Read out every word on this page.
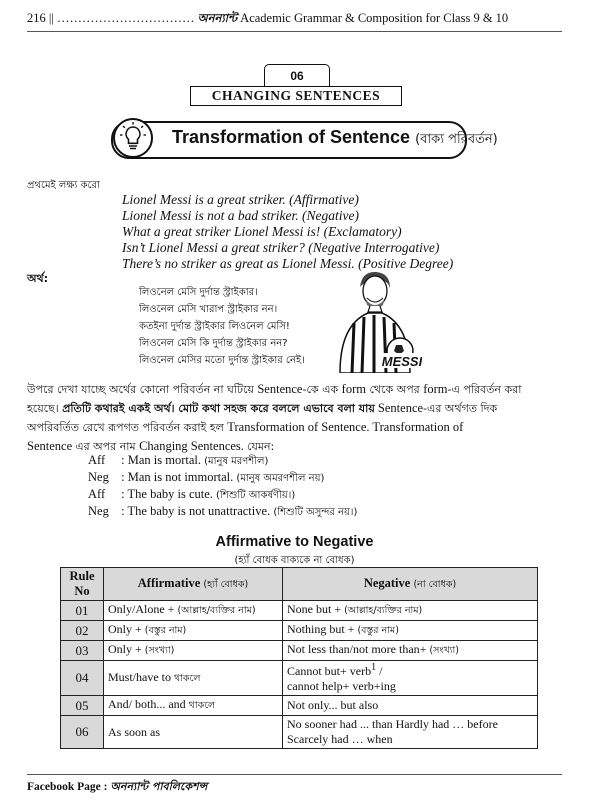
216 || …………………………… অনন্যান্ট Academic Grammar & Composition for Class 9 & 10
06
CHANGING SENTENCES
Transformation of Sentence (বাক্য পরিবর্তন)
প্রথমেই লক্ষ্য করো
Lionel Messi is a great striker. (Affirmative)
Lionel Messi is not a bad striker. (Negative)
What a great striker Lionel Messi is! (Exclamatory)
Isn’t Lionel Messi a great striker? (Negative Interrogative)
There’s no striker as great as Lionel Messi. (Positive Degree)
অর্থ:
লিওনেল মেসি দুর্দান্ত স্ট্রাইকার।
লিওনেল মেসি খারাপ স্ট্রাইকার নন।
কতইনা দুর্দান্ত স্ট্রাইকার লিওনেল মেসি!
লিওনেল মেসি কি দুর্দান্ত স্ট্রাইকার নন?
লিওনেল মেসির মতো দুর্দান্ত স্ট্রাইকার নেই।	MESSI
উপরে দেখা যাচ্ছে অর্থের কোনো পরিবর্তন না ঘটিয়ে Sentence-কে এক form থেকে অপর form-এ পরিবর্তন করা
হয়েছে। প্রতিটি কথারই একই অর্থ। মোট কথা সহজ করে বললে এভাবে বলা যায় Sentence-এর অর্থগত দিক
অপরিবর্তিত রেখে রূপগত পরিবর্তন করাই হল Transformation of Sentence. Transformation of
Sentence এর অপর নাম Changing Sentences. যেমন:
Aff : Man is mortal. (মানুষ মরণশীল)
Neg : Man is not immortal. (মানুষ অমরণশীল নয়)
Aff : The baby is cute. (শিশুটি আকর্ষণীয়।)
Neg : The baby is not unattractive. (শিশুটি অসুন্দর নয়।)
Affirmative to Negative
(হ্যাঁ বোধক বাক্যকে না বোধক)
Rule No	Affirmative (হ্যাঁ বোধক)	Negative (না বোধক)
01	Only/Alone + (আল্লাহ/ব্যক্তির নাম)	None but + (আল্লাহ/ব্যক্তির নাম)
02	Only + (বস্তুর নাম)	Nothing but + (বস্তুর নাম)
03	Only + (সংখ্যা)	Not less than/not more than+ (সংখ্যা)
04	Must/have to থাকলে	Cannot but+ verb$^1$ /
cannot help+ verb+ing

05	And/ both... and থাকলে	Not only... but also
06	As soon as	No sooner had ... than Hardly had … before
Scarcely had … when
Facebook Page : অনন্যান্ট পাবলিকেশন্স
